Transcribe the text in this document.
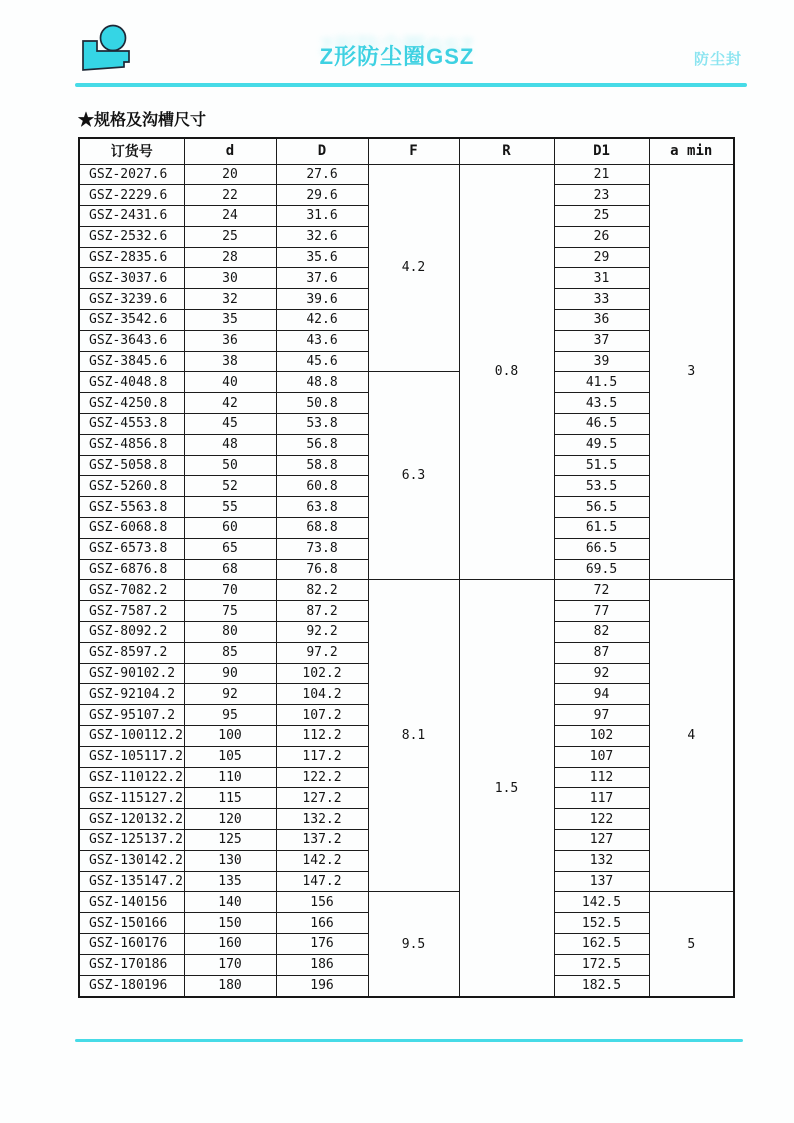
Z形防尘圈GSZ	防尘封
★规格及沟槽尺寸
订货号	d	D	F	R	D1	a min
GSZ-2027.6	20	27.6	4.2	0.8	21	3
GSZ-2229.6	22	29.6			23	
GSZ-2431.6	24	31.6			25	
GSZ-2532.6	25	32.6			26	
GSZ-2835.6	28	35.6			29	
GSZ-3037.6	30	37.6			31	
GSZ-3239.6	32	39.6			33	
GSZ-3542.6	35	42.6			36	
GSZ-3643.6	36	43.6			37	
GSZ-3845.6	38	45.6			39	
GSZ-4048.8	40	48.8	6.3		41.5	
GSZ-4250.8	42	50.8			43.5	
GSZ-4553.8	45	53.8			46.5	
GSZ-4856.8	48	56.8			49.5	
GSZ-5058.8	50	58.8			51.5	
GSZ-5260.8	52	60.8			53.5	
GSZ-5563.8	55	63.8			56.5	
GSZ-6068.8	60	68.8			61.5	
GSZ-6573.8	65	73.8			66.5	
GSZ-6876.8	68	76.8			69.5	
GSZ-7082.2	70	82.2	8.1	1.5	72	4
GSZ-7587.2	75	87.2			77	
GSZ-8092.2	80	92.2			82	
GSZ-8597.2	85	97.2			87	
GSZ-90102.2	90	102.2			92	
GSZ-92104.2	92	104.2			94	
GSZ-95107.2	95	107.2			97	
GSZ-100112.2	100	112.2			102	
GSZ-105117.2	105	117.2			107	
GSZ-110122.2	110	122.2			112	
GSZ-115127.2	115	127.2			117	
GSZ-120132.2	120	132.2			122	
GSZ-125137.2	125	137.2			127	
GSZ-130142.2	130	142.2			132	
GSZ-135147.2	135	147.2			137	
GSZ-140156	140	156	9.5		142.5	5
GSZ-150166	150	166			152.5	
GSZ-160176	160	176			162.5	
GSZ-170186	170	186			172.5	
GSZ-180196	180	196			182.5	
